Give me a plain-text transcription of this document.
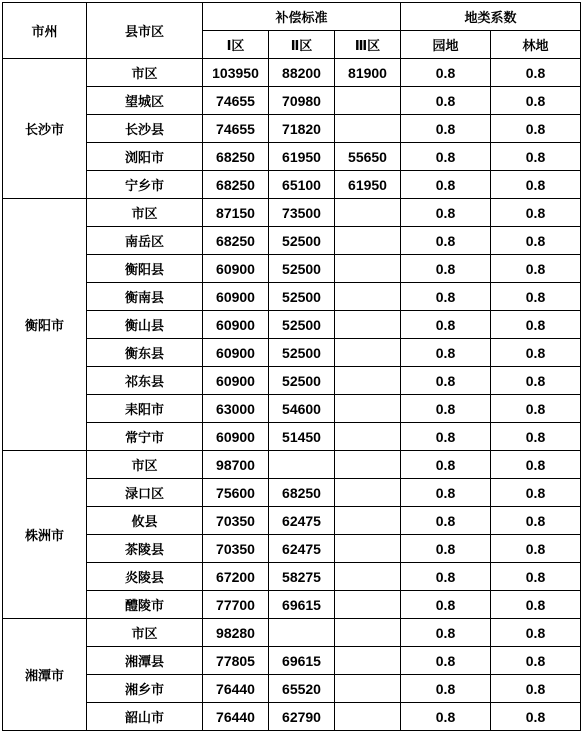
市州	县市区	补偿标准			地类系数	
		Ⅰ区	Ⅱ区	Ⅲ区	园地	林地
长沙市	市区	103950	88200	81900	0.8	0.8
	望城区	74655	70980		0.8	0.8
	长沙县	74655	71820		0.8	0.8
	浏阳市	68250	61950	55650	0.8	0.8
	宁乡市	68250	65100	61950	0.8	0.8
衡阳市	市区	87150	73500		0.8	0.8
	南岳区	68250	52500		0.8	0.8
	衡阳县	60900	52500		0.8	0.8
	衡南县	60900	52500		0.8	0.8
	衡山县	60900	52500		0.8	0.8
	衡东县	60900	52500		0.8	0.8
	祁东县	60900	52500		0.8	0.8
	耒阳市	63000	54600		0.8	0.8
	常宁市	60900	51450		0.8	0.8
株洲市	市区	98700			0.8	0.8
	渌口区	75600	68250		0.8	0.8
	攸县	70350	62475		0.8	0.8
	茶陵县	70350	62475		0.8	0.8
	炎陵县	67200	58275		0.8	0.8
	醴陵市	77700	69615		0.8	0.8
湘潭市	市区	98280			0.8	0.8
	湘潭县	77805	69615		0.8	0.8
	湘乡市	76440	65520		0.8	0.8
	韶山市	76440	62790		0.8	0.8
